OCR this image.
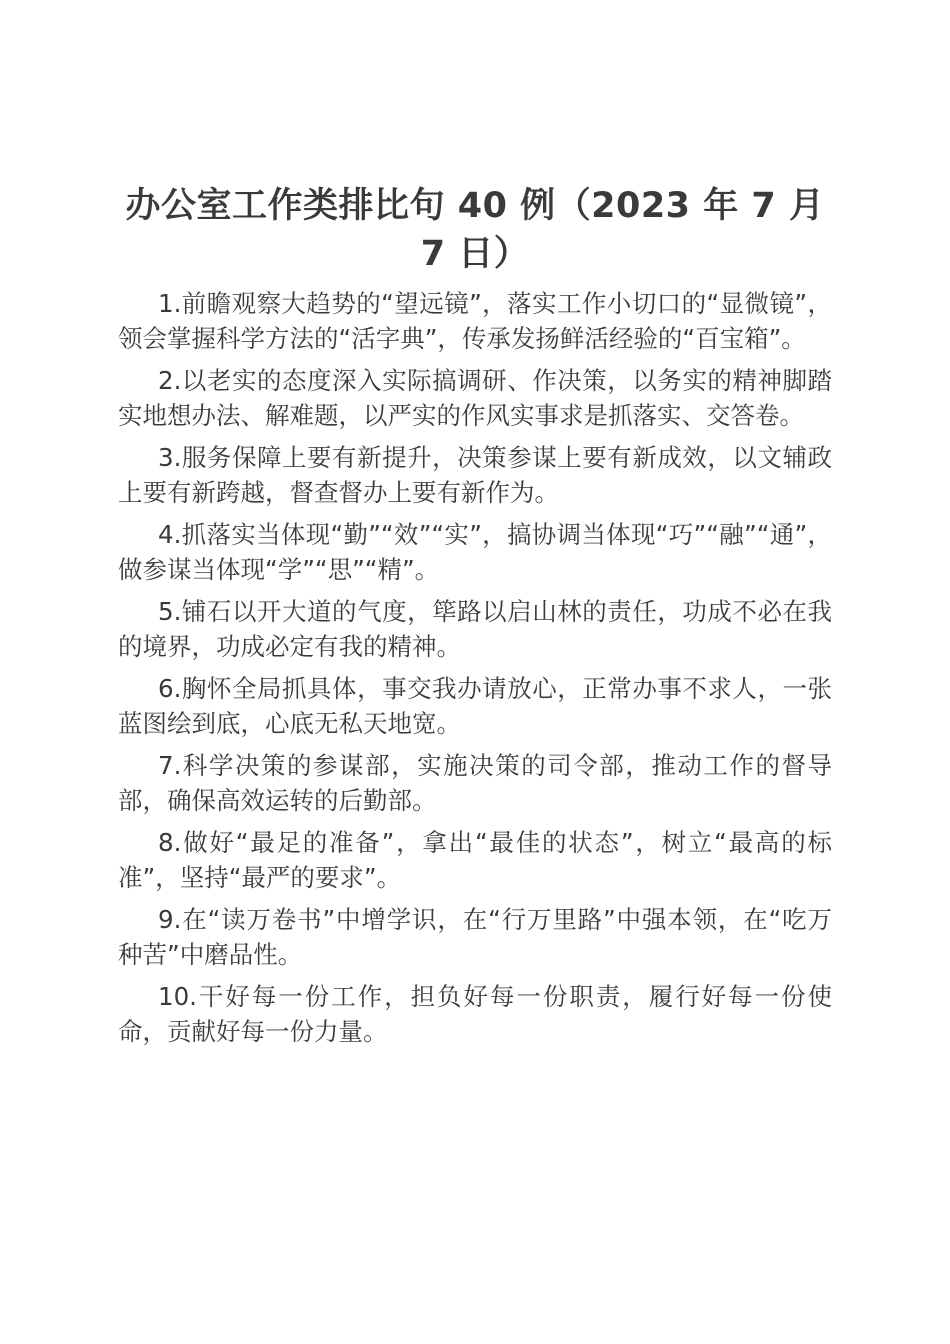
办公室工作类排比句 40 例（2023 年 7 月 7 日）

1.前瞻观察大趋势的“望远镜”，落实工作小切口的“显微镜”，领会掌握科学方法的“活字典”，传承发扬鲜活经验的“百宝箱”。

2.以老实的态度深入实际搞调研、作决策，以务实的精神脚踏实地想办法、解难题，以严实的作风实事求是抓落实、交答卷。

3.服务保障上要有新提升，决策参谋上要有新成效，以文辅政上要有新跨越，督查督办上要有新作为。

4.抓落实当体现“勤”“效”“实”，搞协调当体现“巧”“融”“通”，做参谋当体现“学”“思”“精”。

5.铺石以开大道的气度，筚路以启山林的责任，功成不必在我的境界，功成必定有我的精神。

6.胸怀全局抓具体，事交我办请放心，正常办事不求人，一张蓝图绘到底，心底无私天地宽。

7.科学决策的参谋部，实施决策的司令部，推动工作的督导部，确保高效运转的后勤部。

8.做好“最足的准备”，拿出“最佳的状态”，树立“最高的标准”，坚持“最严的要求”。

9.在“读万卷书”中增学识，在“行万里路”中强本领，在“吃万种苦”中磨品性。

10.干好每一份工作，担负好每一份职责，履行好每一份使命，贡献好每一份力量。
